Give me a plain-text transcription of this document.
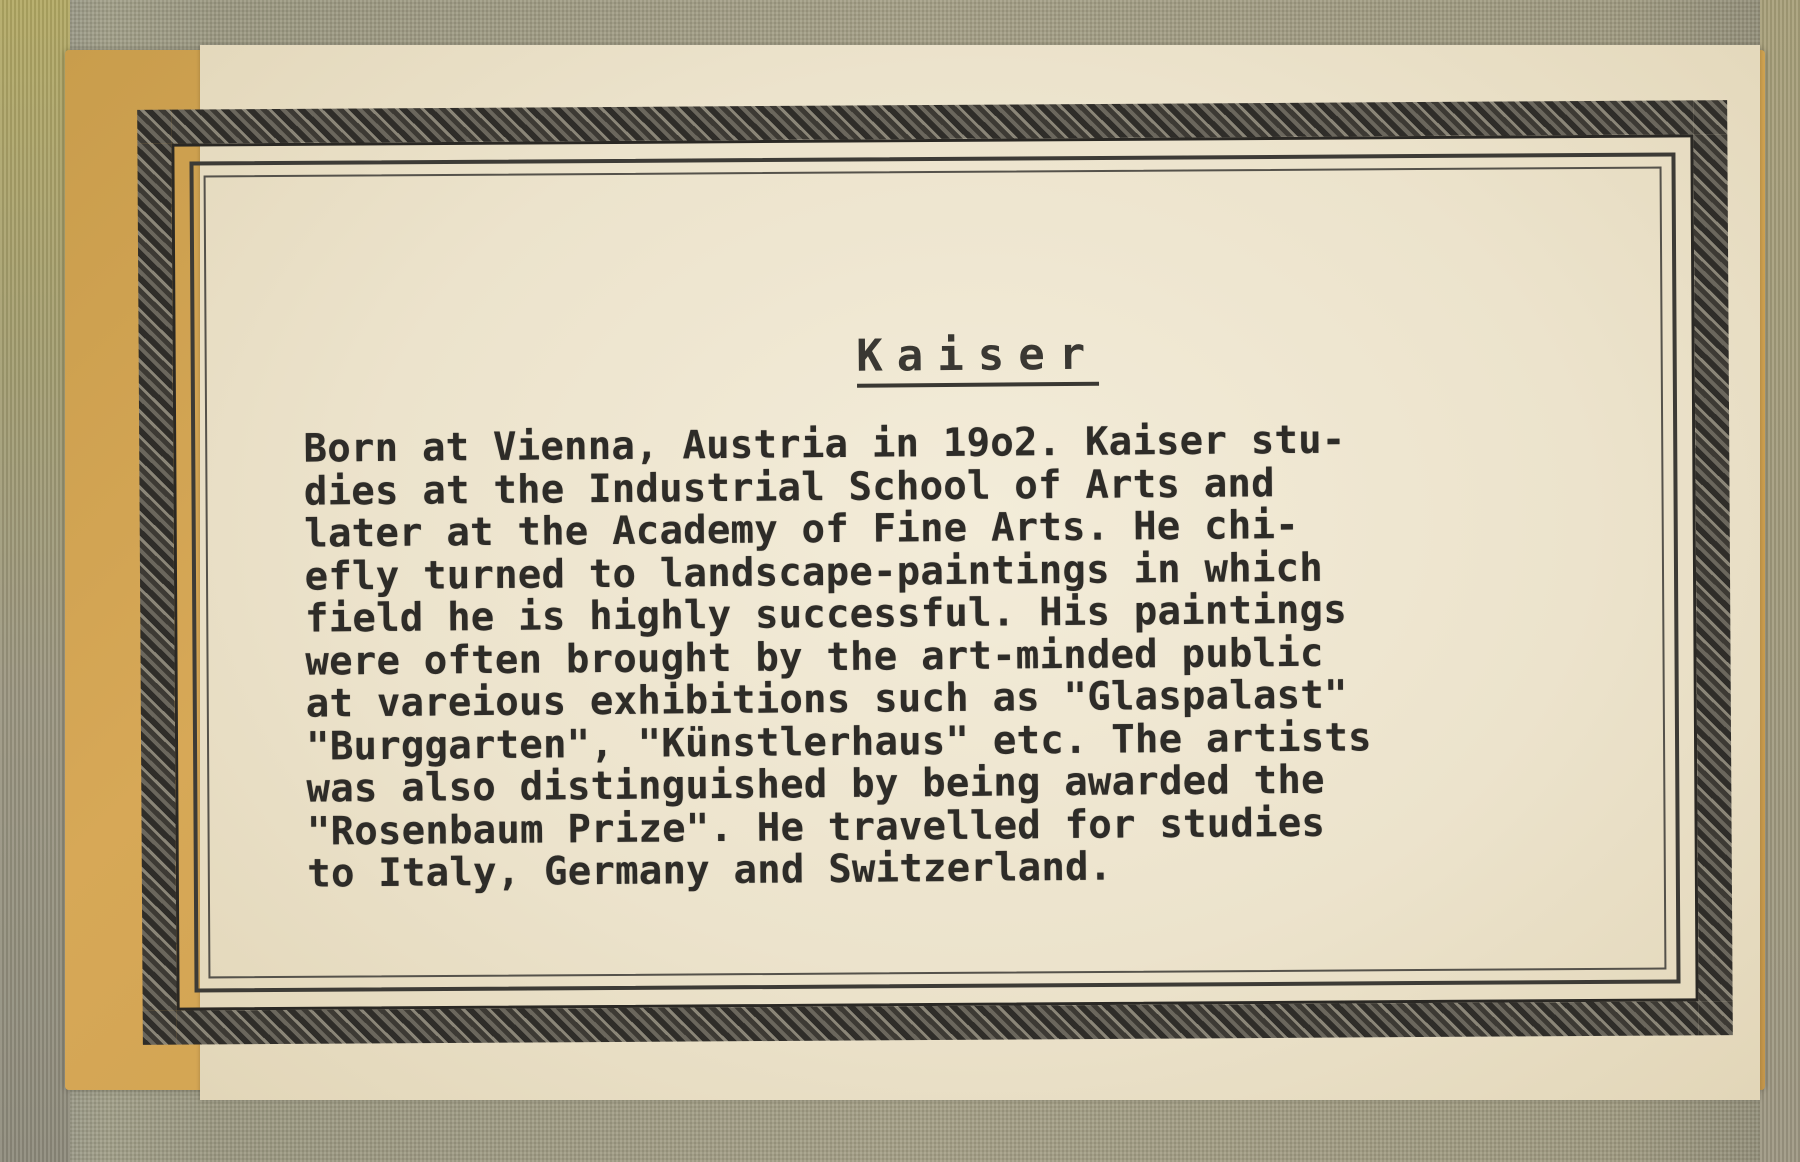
Kaiser
Born at Vienna, Austria in 19o2. Kaiser stu-
dies at the Industrial School of Arts and
later at the Academy of Fine Arts. He chi-
efly turned to landscape-paintings in which
field he is highly successful. His paintings
were often brought by the art-minded public
at vareious exhibitions such as "Glaspalast"
"Burggarten", "Künstlerhaus" etc. The artists
was also distinguished by being awarded the
"Rosenbaum Prize". He travelled for studies
to Italy, Germany and Switzerland.
